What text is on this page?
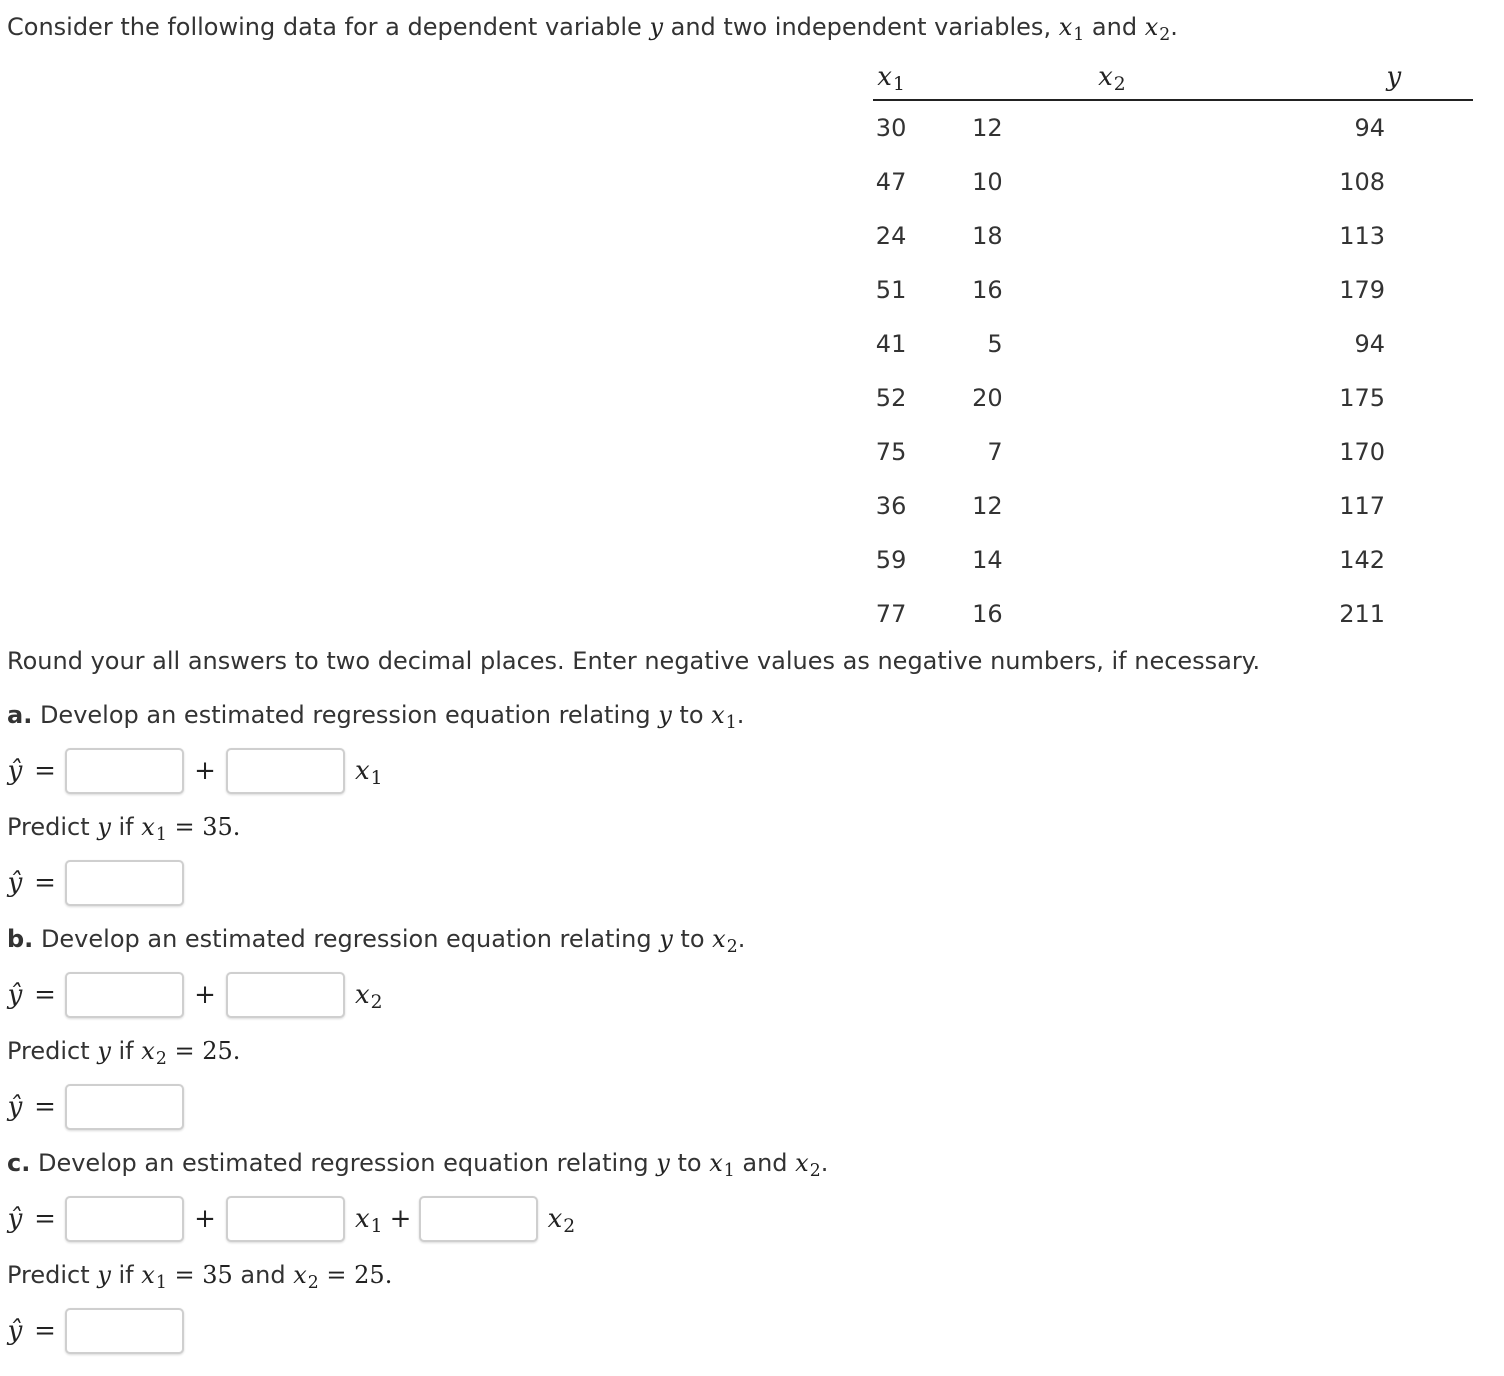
Consider the following data for a dependent variable y and two independent variables, $x_1$ and $x_2$.
$x_1$	$x_2$	y
30	12	94
47	10	108
24	18	113
51	16	179
41	5	94
52	20	175
75	7	170
36	12	117
59	14	142
77	16	211
Round your all answers to two decimal places. Enter negative values as negative numbers, if necessary.
a. Develop an estimated regression equation relating y to $x_1$.
ŷ =	+	$x_1$
Predict y if $x_1 = 35$.
ŷ =
b. Develop an estimated regression equation relating y to $x_2$.
ŷ =	+	$x_2$
Predict y if $x_2 = 25$.
ŷ =
c. Develop an estimated regression equation relating y to $x_1$ and $x_2$.
ŷ =	+	$x_1$ +	$x_2$
Predict y if $x_1 = 35$ and $x_2 = 25$.
ŷ =
